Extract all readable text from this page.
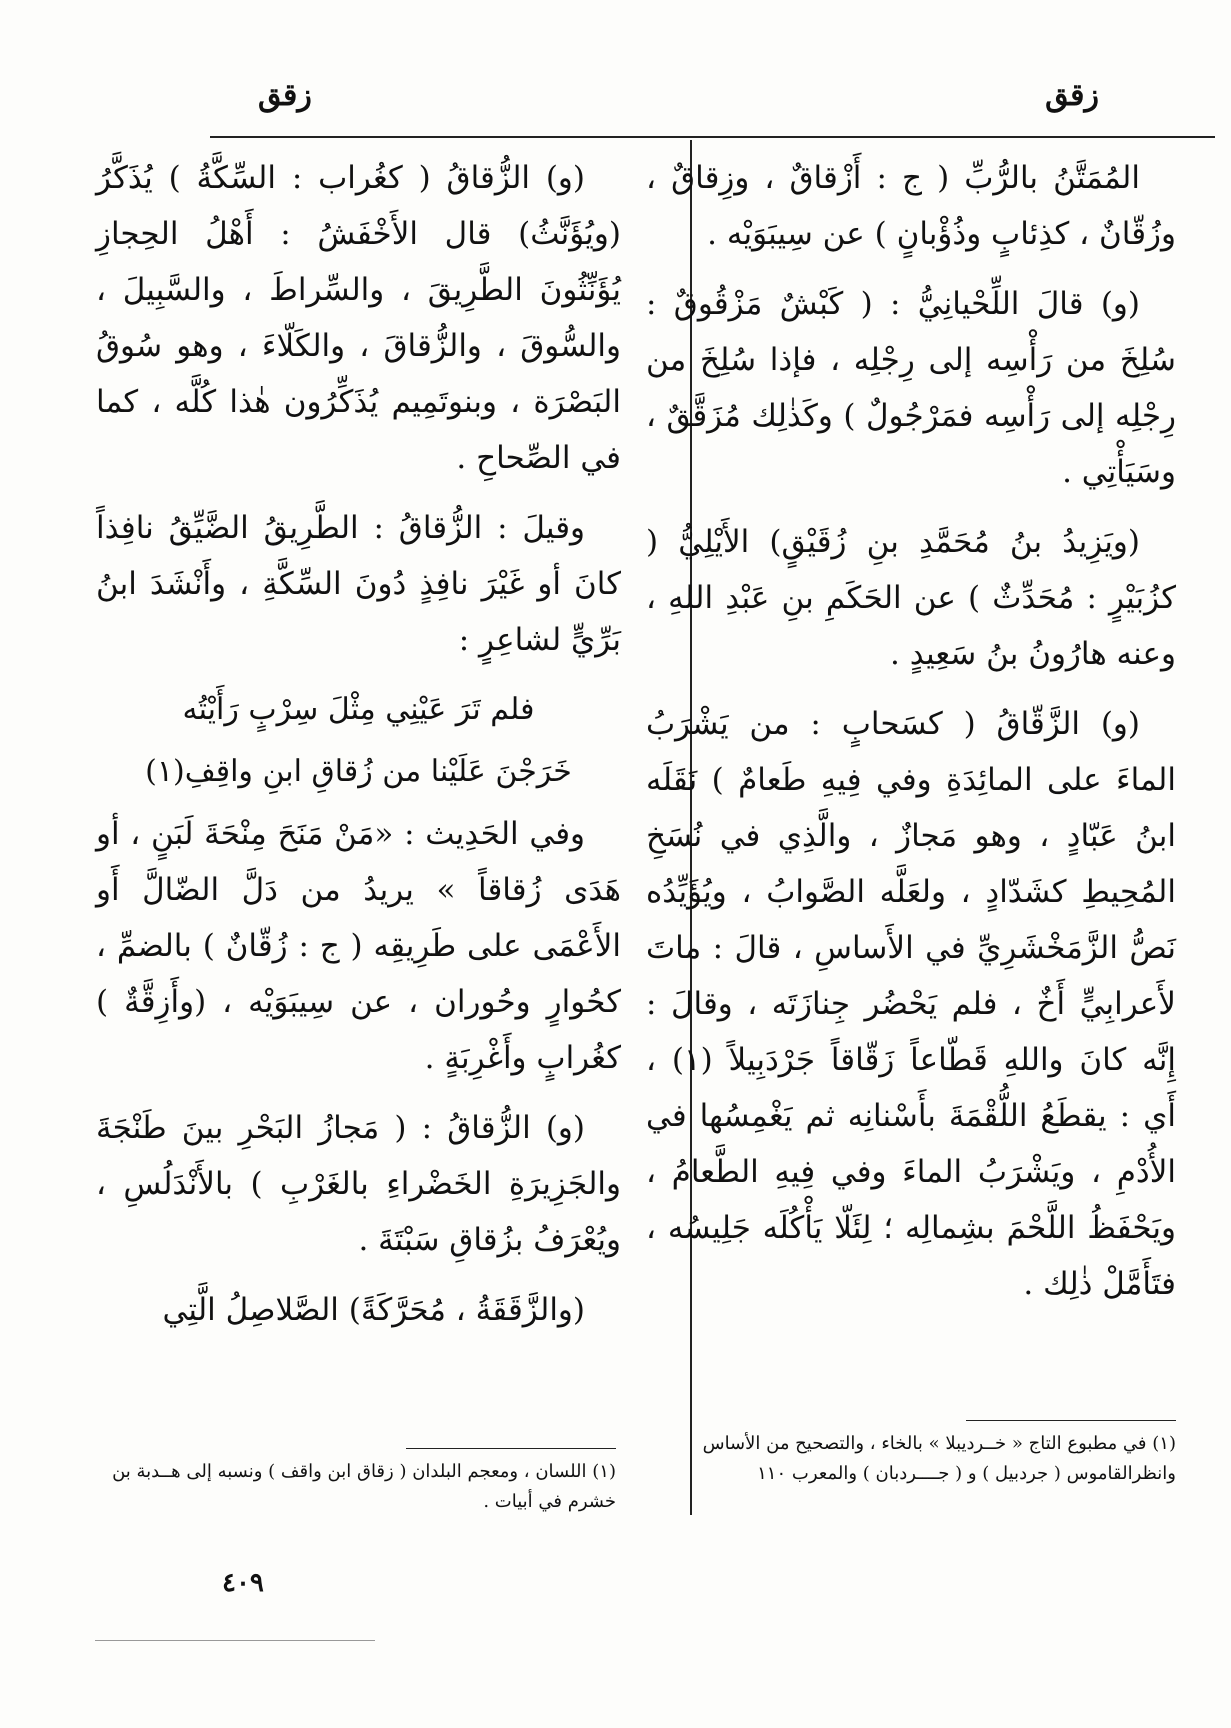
زقق
زقق

المُمَتَّنُ بالرُّبِّ ( ج : أَزْقاقٌ ، وزِقاقٌ ، وزُقّانٌ ، كذِئابٍ وذُؤْبانٍ ) عن سِيبَوَيْه .

(و) قالَ اللِّحْيانِيُّ : ( كَبْشٌ مَزْقُوقٌ : سُلِخَ من رَأْسِه إلى رِجْلِه ، فإذا سُلِخَ من رِجْلِه إلى رَأْسِه فمَرْجُولٌ ) وكَذٰلِك مُزَقَّقٌ ، وسَيَأْتِي .

(ويَزِيدُ بنُ مُحَمَّدِ بنِ زُقَيْقٍ) الأَيْلِيُّ ( كزُبَيْرٍ : مُحَدِّثٌ ) عن الحَكَمِ بنِ عَبْدِ اللهِ ، وعنه هارُونُ بنُ سَعِيدٍ .

(و) الزَّقّاقُ ( كسَحابٍ : من يَشْرَبُ الماءَ على المائِدَةِ وفي فِيهِ طَعامٌ ) نَقَلَه ابنُ عَبّادٍ ، وهو مَجازٌ ، والَّذِي في نُسَخِ المُحِيطِ كشَدّادٍ ، ولعَلَّه الصَّوابُ ، ويُؤَيِّدُه نَصُّ الزَّمَخْشَرِيِّ في الأَساسِ ، قالَ : ماتَ لأَعرابِيٍّ أَخٌ ، فلم يَحْضُر جِنازَتَه ، وقالَ : إِنَّه كانَ واللهِ قَطّاعاً زَقّاقاً جَرْدَبِيلاً (١) ، أَي : يقطَعُ اللُّقْمَةَ بأَسْنانِه ثم يَغْمِسُها في الأُدْمِ ، ويَشْرَبُ الماءَ وفي فِيهِ الطَّعامُ ، ويَحْفَظُ اللَّحْمَ بشِمالِه ؛ لِئَلّا يَأْكُلَه جَلِيسُه ، فتَأَمَّلْ ذٰلِك .

(و) الزُّقاقُ ( كغُراب : السِّكَّةُ ) يُذَكَّرُ (ويُؤَنَّثُ) قال الأَخْفَشُ : أَهْلُ الحِجازِ يُؤَنِّثُونَ الطَّرِيقَ ، والسِّراطَ ، والسَّبِيلَ ، والسُّوقَ ، والزُّقاقَ ، والكَلّاءَ ، وهو سُوقُ البَصْرَة ، وبنوتَمِيم يُذَكِّرُون هٰذا كُلَّه ، كما في الصِّحاحِ .

وقيلَ : الزُّقاقُ : الطَّرِيقُ الضَّيِّقُ نافِذاً كانَ أو غَيْرَ نافِذٍ دُونَ السِّكَّةِ ، وأَنْشَدَ ابنُ بَرِّيٍّ لشاعِرٍ :

فلم تَرَ عَيْنِي مِثْلَ سِرْبٍ رَأَيْتُه

خَرَجْنَ عَلَيْنا من زُقاقِ ابنِ واقِفِ(١)

وفي الحَدِيث : «مَنْ مَنَحَ مِنْحَةَ لَبَنٍ ، أو هَدَى زُقاقاً » يريدُ من دَلَّ الضّالَّ أَو الأَعْمَى على طَرِيقِه ( ج : زُقّانٌ ) بالضمِّ ، كحُوارٍ وحُوران ، عن سِيبَوَيْه ، (وأَزِقَّةٌ ) كغُرابٍ وأَغْرِبَةٍ .

(و) الزُّقاقُ : ( مَجازُ البَحْرِ بينَ طَنْجَةَ والجَزِيرَةِ الخَضْراءِ بالغَرْبِ ) بالأَنْدَلُسِ ، ويُعْرَفُ بزُقاقِ سَبْتَةَ .

(والزَّقَقَةُ ، مُحَرَّكَةً) الصَّلاصِلُ الَّتِي

(١) في مطبوع التاج « خــرديبلا » بالخاء ، والتصحيح من الأساس وانظرالقاموس ( جردبيل ) و ( جــــردبان ) والمعرب ١١٠
(١) اللسان ، ومعجم البلدان ( زقاق ابن واقف ) ونسبه إلى هــدبة بن خشرم في أبيات .
٤٠٩
